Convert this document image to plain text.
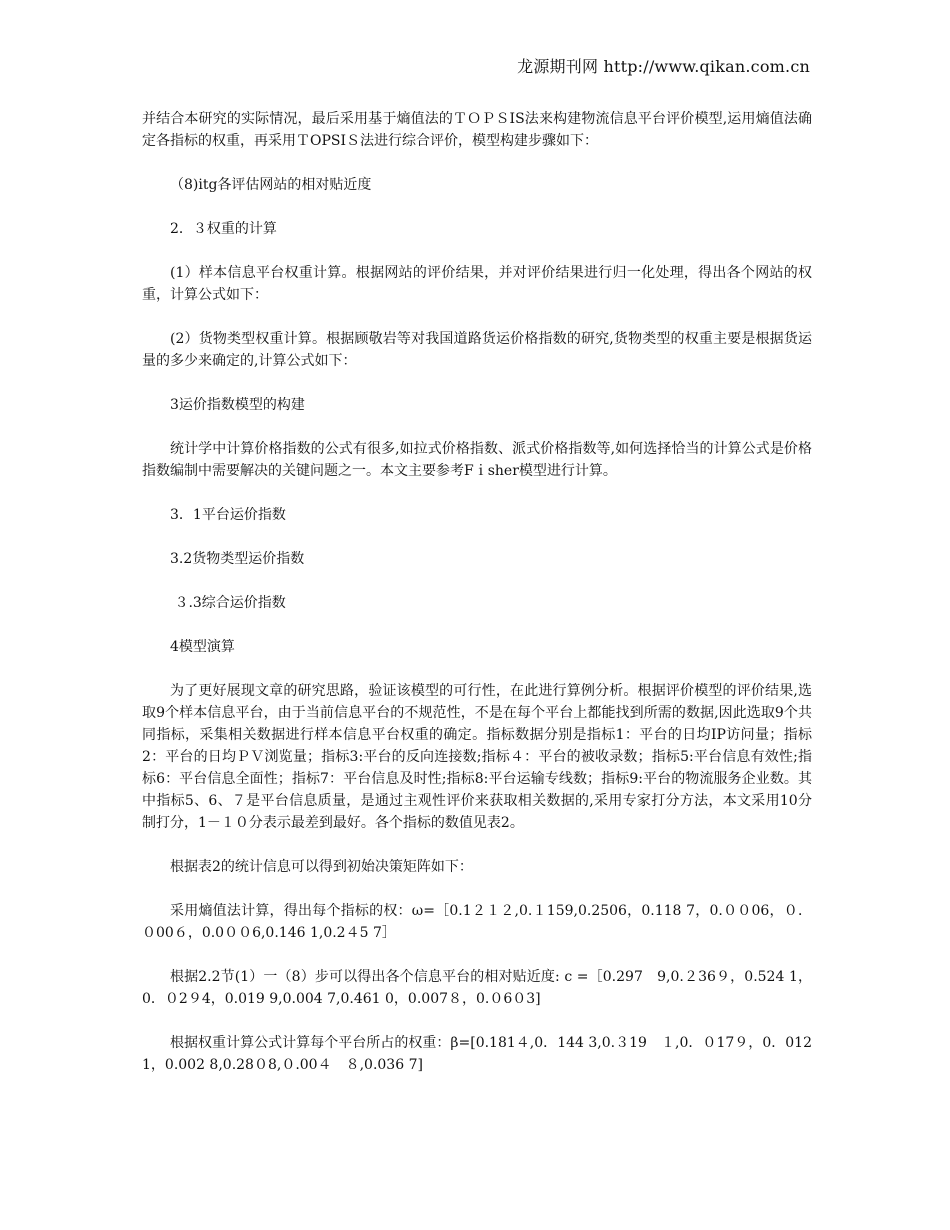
龙源期刊网 http://www.qikan.com.cn

并结合本研究的实际情况，最后采用基于熵值法的ＴＯＰＳIS法来构建物流信息平台评价模型,运用熵值法确定各指标的权重，再采用ＴOPSIＳ法进行综合评价，模型构建步骤如下：

（8)itg各评估网站的相对贴近度

2．３权重的计算

(1）样本信息平台权重计算。根据网站的评价结果，并对评价结果进行归一化处理，得出各个网站的权重，计算公式如下：

(2）货物类型权重计算。根据顾敬岩等对我国道路货运价格指数的研究,货物类型的权重主要是根据货运量的多少来确定的,计算公式如下：

3运价指数模型的构建

统计学中计算价格指数的公式有很多,如拉式价格指数、派式价格指数等,如何选择恰当的计算公式是价格指数编制中需要解决的关键问题之一。本文主要参考Fｉsher模型进行计算。

3．1平台运价指数

3.2货物类型运价指数

３.3综合运价指数

4模型演算

为了更好展现文章的研究思路，验证该模型的可行性，在此进行算例分析。根据评价模型的评价结果,选取9个样本信息平台，由于当前信息平台的不规范性，不是在每个平台上都能找到所需的数据,因此选取9个共同指标，采集相关数据进行样本信息平台权重的确定。指标数据分别是指标1：平台的日均IP访问量；指标2：平台的日均ＰＶ浏览量；指标3:平台的反向连接数;指标４：平台的被收录数；指标5:平台信息有效性;指标6：平台信息全面性；指标7：平台信息及时性;指标8:平台运输专线数；指标9:平台的物流服务企业数。其中指标5、6、７是平台信息质量，是通过主观性评价来获取相关数据的,采用专家打分方法，本文采用10分制打分，1－１０分表示最差到最好。各个指标的数值见表2。

根据表2的统计信息可以得到初始决策矩阵如下：

采用熵值法计算，得出每个指标的权：ω=［0.1２１２,0.１159,0.2506，0.118 7，0.００06，０．０00６，0.0００6,0.146 1,0.2４5 7］

根据2.2节(1）一（8）步可以得出各个信息平台的相对贴近度: c =［0.297　9,0.２36９，0.524 1，0．０2９4，0.019 9,0.004 7,0.461 0，0.007８，0.０6０3]

根据权重计算公式计算每个平台所占的权重：β=[0.181４,0．144 3,0.３19　１,0．０17９，0．012 1，0.002 8,0.28０8,０.00４　８,0.036 7]
